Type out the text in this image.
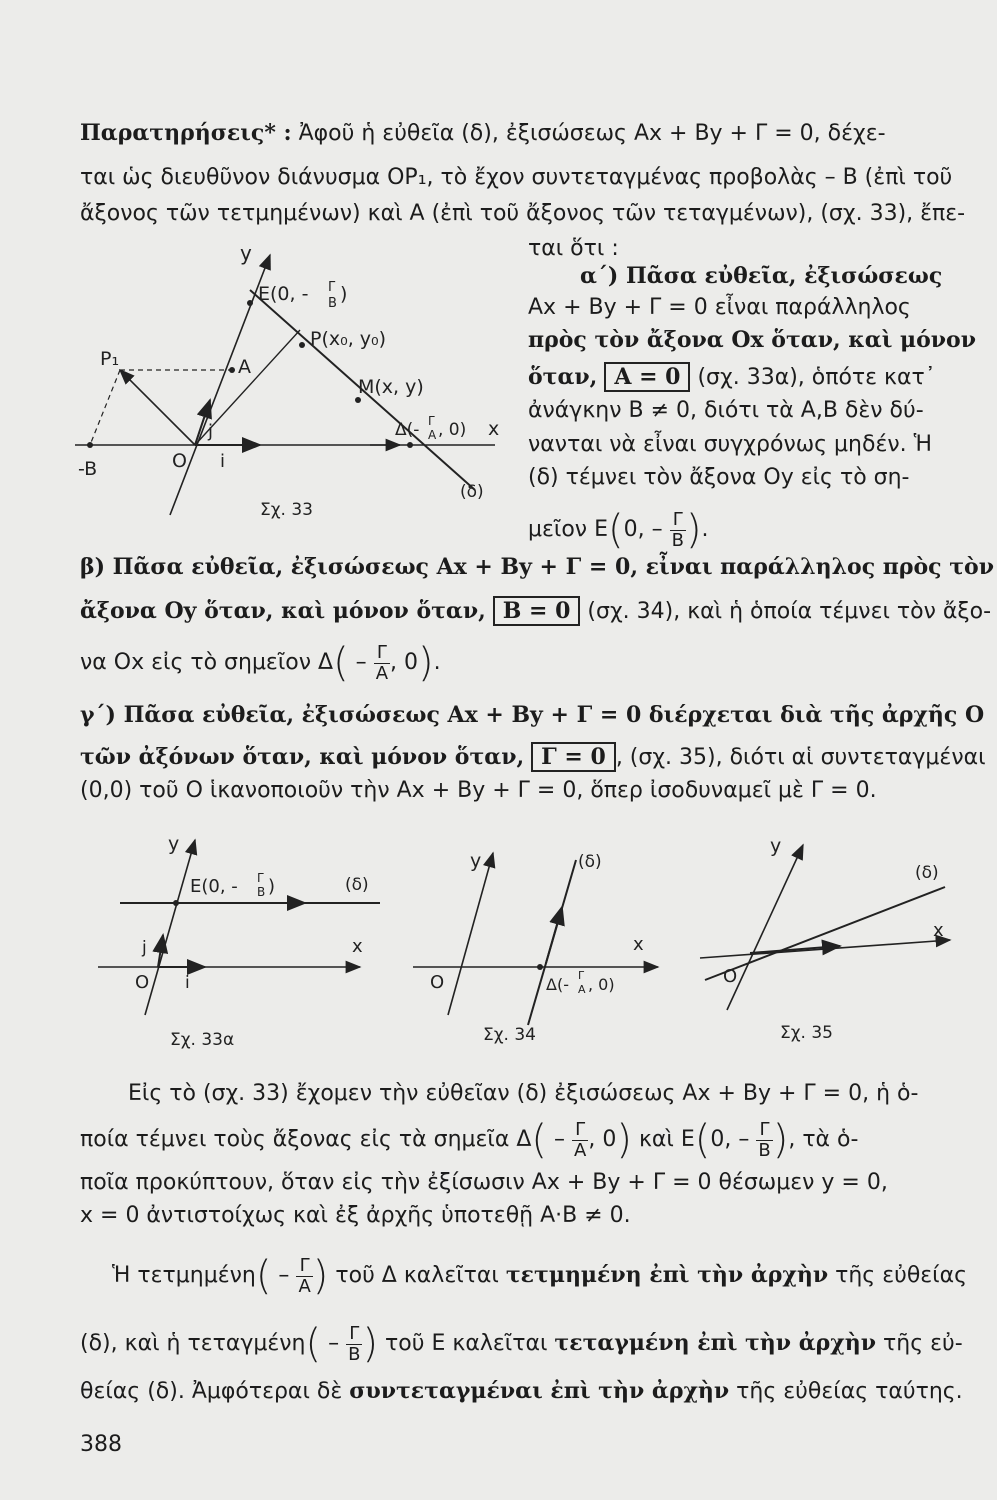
Παρατηρήσεις* : Ἀφοῦ ἡ εὐθεῖα (δ), ἐξισώσεως Αx + Βy + Γ = 0, δέχε-
ται ὡς διευθῦνον διάνυσμα OP₁, τὸ ἔχον συντεταγμένας προβολὰς – Β (ἐπὶ τοῦ
ἄξονος τῶν τετμημένων) καὶ Α (ἐπὶ τοῦ ἄξονος τῶν τεταγμένων), (σχ. 33), ἔπε-
ται ὅτι :
α΄) Πᾶσα εὐθεῖα, ἐξισώσεως
Αx + Βy + Γ = 0 εἶναι παράλληλος
πρὸς τὸν ἄξονα Ox ὅταν, καὶ μόνον
ὅταν, Α = 0 (σχ. 33α), ὁπότε κατ᾽
ἀνάγκην Β ≠ 0, διότι τὰ Α,Β δὲν δύ-
νανται νὰ εἶναι συγχρόνως μηδέν. Ἡ
(δ) τέμνει τὸν ἄξονα Oy εἰς τὸ ση-
μεῖον Ε(0, – $\frac{\Gamma}{B}$ ).
y
E(0, - Γ
Β )
P(x₀, y₀)
P₁	A
M(x, y)
Δ(- Γ
Α , 0) x
j
i
O
-B
(δ)
Σχ. 33
β) Πᾶσα εὐθεῖα, ἐξισώσεως Αx + Βy + Γ = 0, εἶναι παράλληλος πρὸς τὸν
ἄξονα Oy ὅταν, καὶ μόνον ὅταν, Β = 0 (σχ. 34), καὶ ἡ ὁποία τέμνει τὸν ἄξο-
να Ox εἰς τὸ σημεῖον $\Delta( - \frac{\Gamma}{A}$ , 0).
γ΄) Πᾶσα εὐθεῖα, ἐξισώσεως Αx + Βy + Γ = 0 διέρχεται διὰ τῆς ἀρχῆς O
τῶν ἀξόνων ὅταν, καὶ μόνον ὅταν, Γ = 0 , (σχ. 35), διότι αἱ συντεταγμέναι
(0,0) τοῦ O ἱκανοποιοῦν τὴν Αx + Βy + Γ = 0, ὅπερ ἰσοδυναμεῖ μὲ Γ = 0.
y
E(0, - Γ
Β )	(δ)
x
j
i
O
Σχ. 33α
y	(δ)
x
O	Δ(- Γ
Α , 0)
Σχ. 34
y
(δ)
x
O
Σχ. 35
Εἰς τὸ (σχ. 33) ἔχομεν τὴν εὐθεῖαν (δ) ἐξισώσεως Αx + Βy + Γ = 0, ἡ ὁ-
ποία τέμνει τοὺς ἄξονας εἰς τὰ σημεῖα $\Delta( - \frac{\Gamma}{A}$ , 0) καὶ Ε(0, – $\frac{\Gamma}{B}$ ), τὰ ὁ-
ποῖα προκύπτουν, ὅταν εἰς τὴν ἐξίσωσιν Αx + Βy + Γ = 0 θέσωμεν y = 0,
x = 0 ἀντιστοίχως καὶ ἐξ ἀρχῆς ὑποτεθῇ Α·Β ≠ 0.
Ἡ $\tau\varepsilon\tau\mu\eta\mu έ\nu\eta( - \frac{\Gamma}{A}$ ) τοῦ Δ καλεῖται τετμημένη ἐπὶ τὴν ἀρχὴν τῆς εὐθείας
(δ), καὶ ἡ $\tau\varepsilon\tau\alpha\gamma\mu έ\nu\eta( - \frac{\Gamma}{B}$ ) τοῦ Ε καλεῖται τεταγμένη ἐπὶ τὴν ἀρχὴν τῆς εὐ-
θείας (δ). Ἀμφότεραι δὲ συντεταγμέναι ἐπὶ τὴν ἀρχὴν τῆς εὐθείας ταύτης.
388
